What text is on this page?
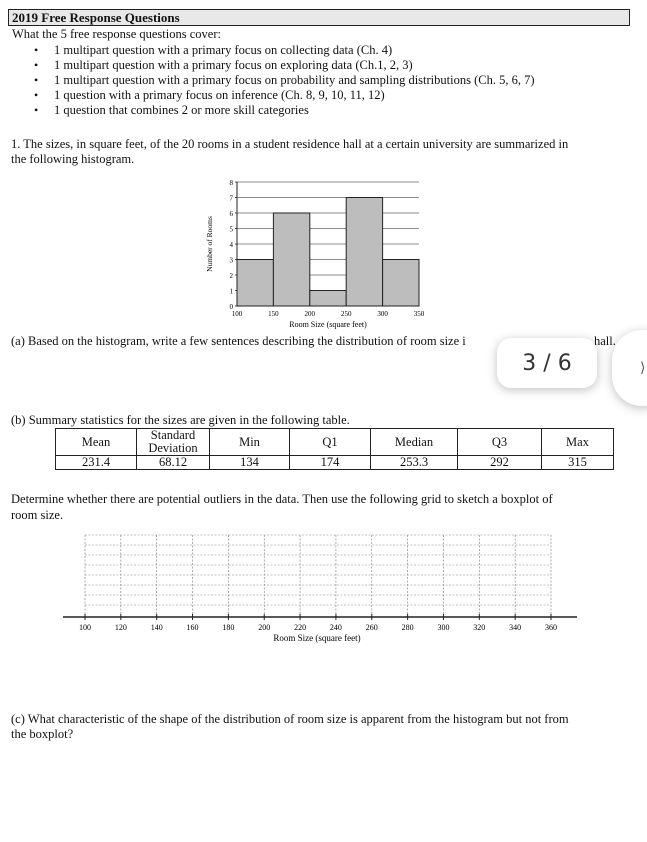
2019 Free Response Questions
What the 5 free response questions cover:
• 1 multipart question with a primary focus on collecting data (Ch. 4)
• 1 multipart question with a primary focus on exploring data (Ch.1, 2, 3)
• 1 multipart question with a primary focus on probability and sampling distributions (Ch. 5, 6, 7)
• 1 question with a primary focus on inference (Ch. 8, 9, 10, 11, 12)
• 1 question that combines 2 or more skill categories
1. The sizes, in square feet, of the 20 rooms in a student residence hall at a certain university are summarized in
the following histogram.
0
1
2
3
4
5
6
7
8
100	150	200	250	300	350
Room Size (square feet)
Number of Rooms
(a) Based on the histogram, write a few sentences describing the distribution of room size i	hall.
⟩
3 / 6
(b) Summary statistics for the sizes are given in the following table.
Mean	Standard Deviation	Min	Q1	Median	Q3	Max
231.4	68.12	134	174	253.3	292	315
Determine whether there are potential outliers in the data. Then use the following grid to sketch a boxplot of
room size.
100	120	140	160	180	200	220	240	260	280	300	320	340	360
Room Size (square feet)
(c) What characteristic of the shape of the distribution of room size is apparent from the histogram but not from
the boxplot?
